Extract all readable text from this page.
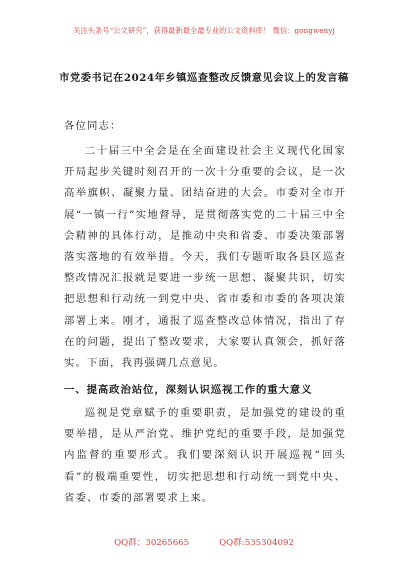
关注头条号“公文研究”，获得最新最全最专业的公文资料库！ 微信：gongwenyj
市党委书记在2024年乡镇巡查整改反馈意见会议上的发言稿
各位同志：
二十届三中全会是在全面建设社会主义现代化国家开局起步关键时刻召开的一次十分重要的会议，是一次高举旗帜、凝聚力量、团结奋进的大会。市委对全市开展“一镇一行”实地督导，是贯彻落实党的二十届三中全会精神的具体行动，是推动中央和省委、市委决策部署落实落地的有效举措。今天，我们专题听取各县区巡查整改情况汇报就是要进一步统一思想、凝聚共识，切实把思想和行动统一到党中央、省市委和市委的各项决策部署上来。刚才，通报了巡查整改总体情况，指出了存在的问题，提出了整改要求，大家要认真领会，抓好落实。下面，我再强调几点意见。
一、提高政治站位，深刻认识巡视工作的重大意义
巡视是党章赋予的重要职责，是加强党的建设的重要举措，是从严治党、维护党纪的重要手段，是加强党内监督的重要形式。我们要深刻认识开展巡视“回头看”的极端重要性，切实把思想和行动统一到党中央、省委、市委的部署要求上来。
QQ群：30265665	QQ群:535304092
